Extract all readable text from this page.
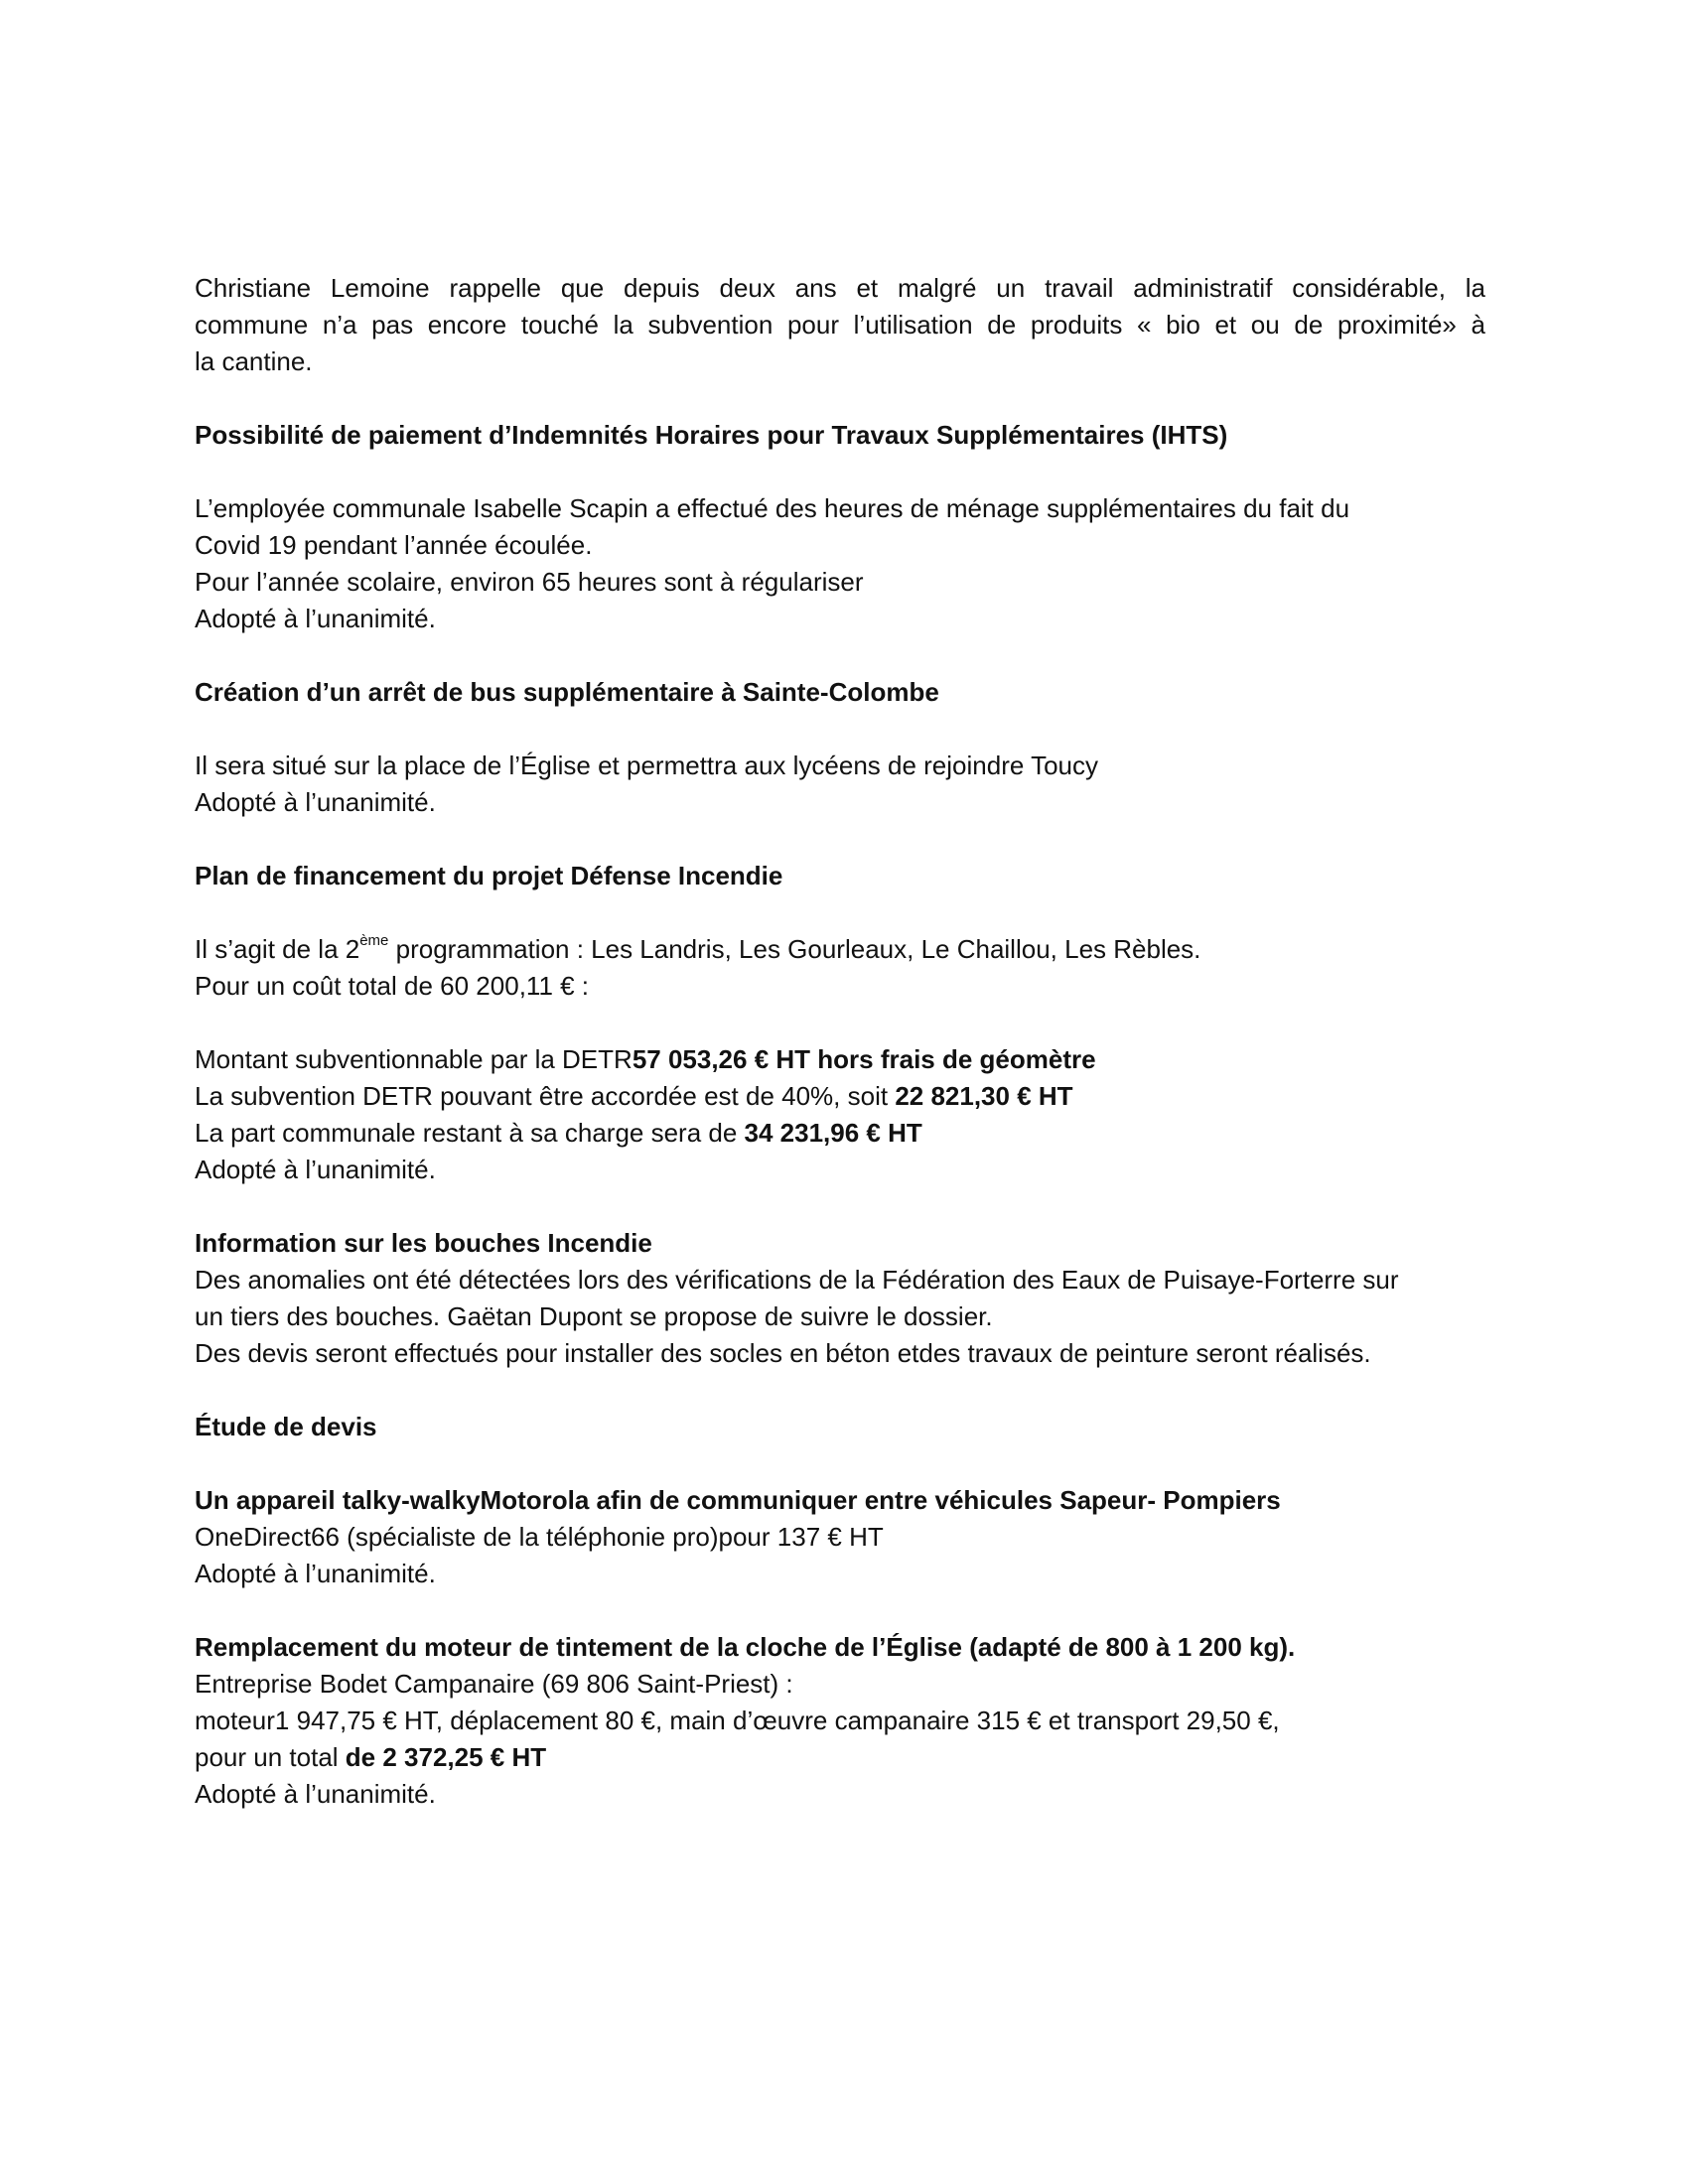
Christiane Lemoine rappelle que depuis deux ans et malgré un travail administratif considérable, la
commune n’a pas encore touché la subvention pour l’utilisation de produits « bio et ou de proximité» à
la cantine.
Possibilité de paiement d’Indemnités Horaires pour Travaux Supplémentaires (IHTS)
L’employée communale Isabelle Scapin a effectué des heures de ménage supplémentaires du fait du
Covid 19 pendant l’année écoulée.
Pour l’année scolaire, environ 65 heures sont à régulariser
Adopté à l’unanimité.
Création d’un arrêt de bus supplémentaire à Sainte-Colombe
Il sera situé sur la place de l’Église et permettra aux lycéens de rejoindre Toucy
Adopté à l’unanimité.
Plan de financement du projet Défense Incendie
Il s’agit de la 2ème programmation : Les Landris, Les Gourleaux, Le Chaillou, Les Rèbles.
Pour un coût total de 60 200,11 € :
Montant subventionnable par la DETR57 053,26 € HT hors frais de géomètre
La subvention DETR pouvant être accordée est de 40%, soit 22 821,30 € HT
La part communale restant à sa charge sera de 34 231,96 € HT
Adopté à l’unanimité.
Information sur les bouches Incendie
Des anomalies ont été détectées lors des vérifications de la Fédération des Eaux de Puisaye-Forterre sur
un tiers des bouches. Gaëtan Dupont se propose de suivre le dossier.
Des devis seront effectués pour installer des socles en béton etdes travaux de peinture seront réalisés.
Étude de devis
Un appareil talky-walkyMotorola afin de communiquer entre véhicules Sapeur- Pompiers
OneDirect66 (spécialiste de la téléphonie pro)pour 137 € HT
Adopté à l’unanimité.
Remplacement du moteur de tintement de la cloche de l’Église (adapté de 800 à 1 200 kg).
Entreprise Bodet Campanaire (69 806 Saint-Priest) :
moteur1 947,75 € HT, déplacement 80 €, main d’œuvre campanaire 315 € et transport 29,50 €,
pour un total de 2 372,25 € HT
Adopté à l’unanimité.
